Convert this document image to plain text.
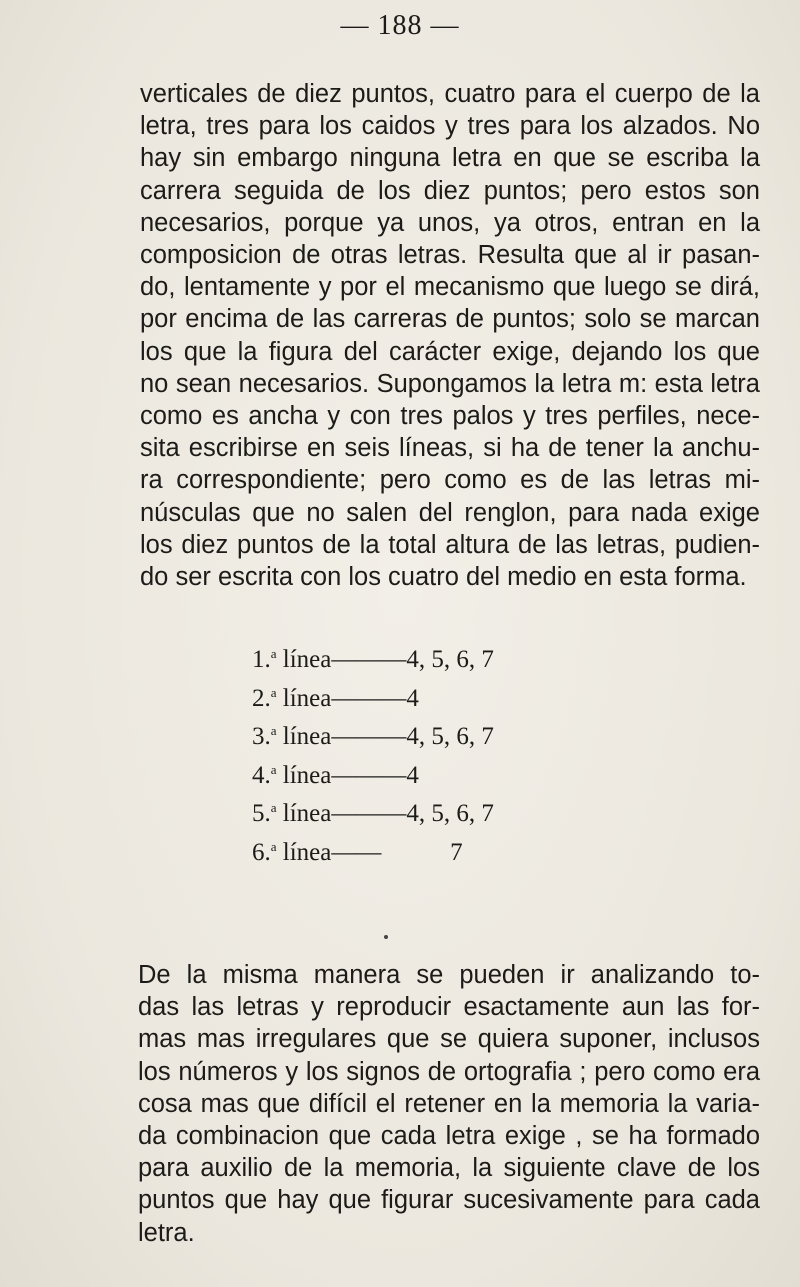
— 188 —
verticales de diez puntos, cuatro para el cuerpo de la
letra, tres para los caidos y tres para los alzados. No
hay sin embargo ninguna letra en que se escriba la
carrera seguida de los diez puntos; pero estos son
necesarios, porque ya unos, ya otros, entran en la
composicion de otras letras. Resulta que al ir pasan-
do, lentamente y por el mecanismo que luego se dirá,
por encima de las carreras de puntos; solo se marcan
los que la figura del carácter exige, dejando los que
no sean necesarios. Supongamos la letra m: esta letra
como es ancha y con tres palos y tres perfiles, nece-
sita escribirse en seis líneas, si ha de tener la anchu-
ra correspondiente; pero como es de las letras mi-
núsculas que no salen del renglon, para nada exige
los diez puntos de la total altura de las letras, pudien-
do ser escrita con los cuatro del medio en esta forma.
1.$^a$ línea———4, 5, 6, 7
2.$^a$ línea———4
3.$^a$ línea———4, 5, 6, 7
4.$^a$ línea———4
5.$^a$ línea———4, 5, 6, 7
6.$^a$ línea——           7
De la misma manera se pueden ir analizando to-
das las letras y reproducir esactamente aun las for-
mas mas irregulares que se quiera suponer, inclusos
los números y los signos de ortografia ; pero como era
cosa mas que difícil el retener en la memoria la varia-
da combinacion que cada letra exige , se ha formado
para auxilio de la memoria, la siguiente clave de los
puntos que hay que figurar sucesivamente para cada
letra.
